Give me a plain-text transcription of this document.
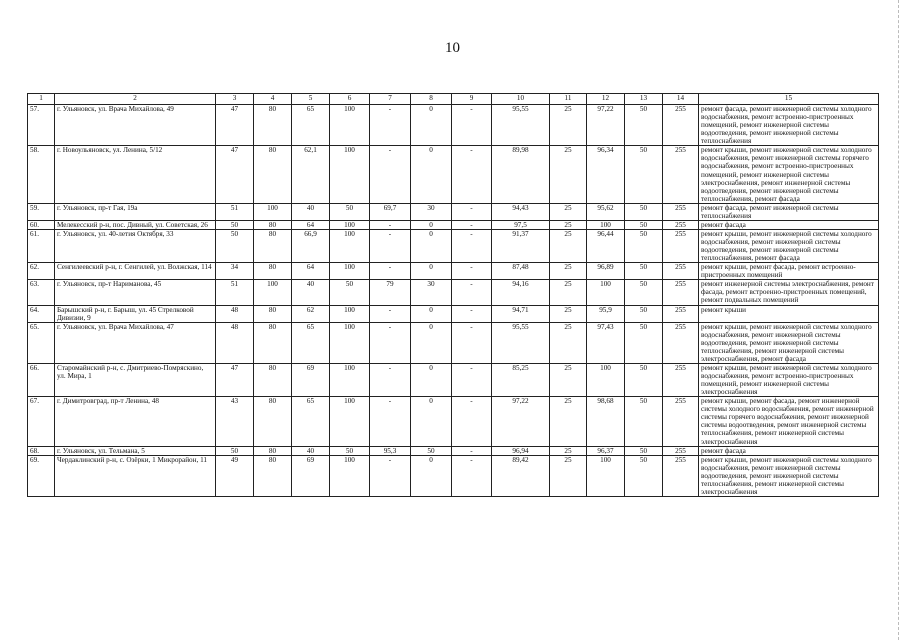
10
1	2	3	4	5	6	7	8	9	10	11	12	13	14	15
57.	г. Ульяновск, ул. Врача Михайлова, 49	47	80	65	100	-	0	-	95,55	25	97,22	50	255	ремонт фасада, ремонт инженерной системы холодного водоснабжения, ремонт встроенно-пристроенных помещений, ремонт инженерной системы водоотведения, ремонт инженерной системы теплоснабжения
58.	г. Новоульяновск, ул. Ленина, 5/12	47	80	62,1	100	-	0	-	89,98	25	96,34	50	255	ремонт крыши, ремонт инженерной системы холодного водоснабжения, ремонт инженерной системы горячего водоснабжения, ремонт встроенно-пристроенных помещений, ремонт инженерной системы электроснабжения, ремонт инженерной системы водоотведения, ремонт инженерной системы теплоснабжения, ремонт фасада
59.	г. Ульяновск, пр-т Гая, 19а	51	100	40	50	69,7	30	-	94,43	25	95,62	50	255	ремонт фасада, ремонт инженерной системы теплоснабжения
60.	Мелекесский р-н, пос. Дивный, ул. Советская, 26	50	80	64	100	-	0	-	97,5	25	100	50	255	ремонт фасада
61.	г. Ульяновск, ул. 40-летия Октября, 33	50	80	66,9	100	-	0	-	91,37	25	96,44	50	255	ремонт крыши, ремонт инженерной системы холодного водоснабжения, ремонт инженерной системы водоотведения, ремонт инженерной системы теплоснабжения, ремонт фасада
62.	Сенгилеевский р-н, г. Сенгилей, ул. Волжская, 114	34	80	64	100	-	0	-	87,48	25	96,89	50	255	ремонт крыши, ремонт фасада, ремонт встроенно-пристроенных помещений
63.	г. Ульяновск, пр-т Нариманова, 45	51	100	40	50	79	30	-	94,16	25	100	50	255	ремонт инженерной системы электроснабжения, ремонт фасада, ремонт встроенно-пристроенных помещений, ремонт подвальных помещений
64.	Барышский р-н, г. Барыш, ул. 45 Стрелковой Дивизии, 9	48	80	62	100	-	0	-	94,71	25	95,9	50	255	ремонт крыши
65.	г. Ульяновск, ул. Врача Михайлова, 47	48	80	65	100	-	0	-	95,55	25	97,43	50	255	ремонт крыши, ремонт инженерной системы холодного водоснабжения, ремонт инженерной системы водоотведения, ремонт инженерной системы теплоснабжения, ремонт инженерной системы электроснабжения, ремонт фасада
66.	Старомайнский р-н, с. Дмитриево-Помряскино, ул. Мира, 1	47	80	69	100	-	0	-	85,25	25	100	50	255	ремонт крыши, ремонт инженерной системы холодного водоснабжения, ремонт встроенно-пристроенных помещений, ремонт инженерной системы электроснабжения
67.	г. Димитровград, пр-т Ленина, 48	43	80	65	100	-	0	-	97,22	25	98,68	50	255	ремонт крыши, ремонт фасада, ремонт инженерной системы холодного водоснабжения, ремонт инженерной системы горячего водоснабжения, ремонт инженерной системы водоотведения, ремонт инженерной системы теплоснабжения, ремонт инженерной системы электроснабжения
68.	г. Ульяновск, ул. Тельмана, 5	50	80	40	50	95,3	50	-	96,94	25	96,37	50	255	ремонт фасада
69.	Чердаклинский р-н, с. Озёрки, 1 Микрорайон, 11	49	80	69	100	-	0	-	89,42	25	100	50	255	ремонт крыши, ремонт инженерной системы холодного водоснабжения, ремонт инженерной системы водоотведения, ремонт инженерной системы теплоснабжения, ремонт инженерной системы электроснабжения
